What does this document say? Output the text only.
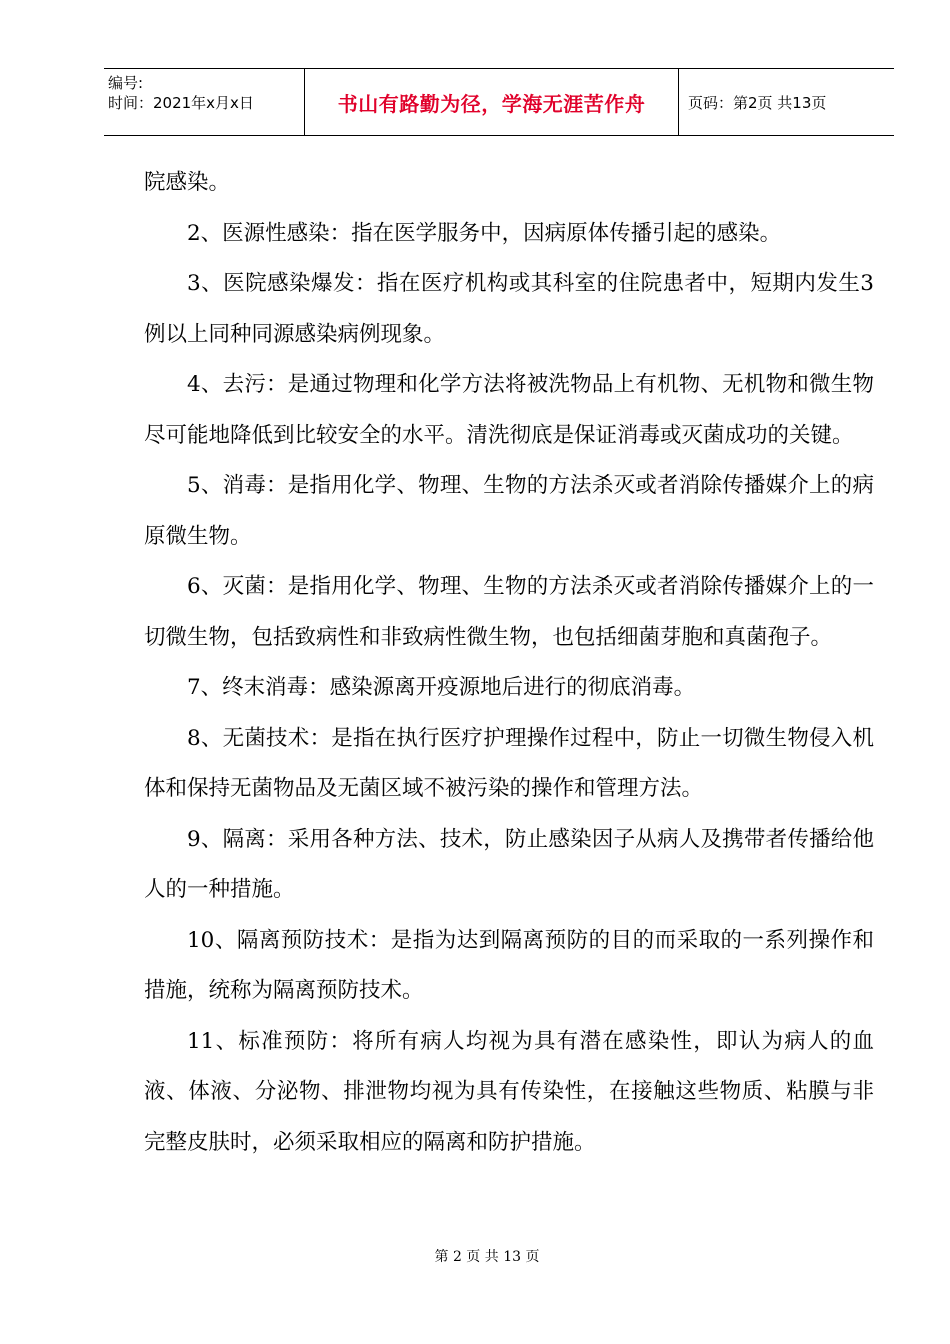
编号:
时间：2021年x月x日	书山有路勤为径，学海无涯苦作舟	页码：第2页 共13页

院感染。

2、医源性感染：指在医学服务中，因病原体传播引起的感染。

3、医院感染爆发：指在医疗机构或其科室的住院患者中，短期内发生3例以上同种同源感染病例现象。

4、去污：是通过物理和化学方法将被洗物品上有机物、无机物和微生物尽可能地降低到比较安全的水平。清洗彻底是保证消毒或灭菌成功的关键。

5、消毒：是指用化学、物理、生物的方法杀灭或者消除传播媒介上的病原微生物。

6、灭菌：是指用化学、物理、生物的方法杀灭或者消除传播媒介上的一切微生物，包括致病性和非致病性微生物，也包括细菌芽胞和真菌孢子。

7、终末消毒：感染源离开疫源地后进行的彻底消毒。

8、无菌技术：是指在执行医疗护理操作过程中，防止一切微生物侵入机体和保持无菌物品及无菌区域不被污染的操作和管理方法。

9、隔离：采用各种方法、技术，防止感染因子从病人及携带者传播给他人的一种措施。

10、隔离预防技术：是指为达到隔离预防的目的而采取的一系列操作和措施，统称为隔离预防技术。

11、标准预防：将所有病人均视为具有潜在感染性，即认为病人的血液、体液、分泌物、排泄物均视为具有传染性，在接触这些物质、粘膜与非完整皮肤时，必须采取相应的隔离和防护措施。

第 2 页 共 13 页
